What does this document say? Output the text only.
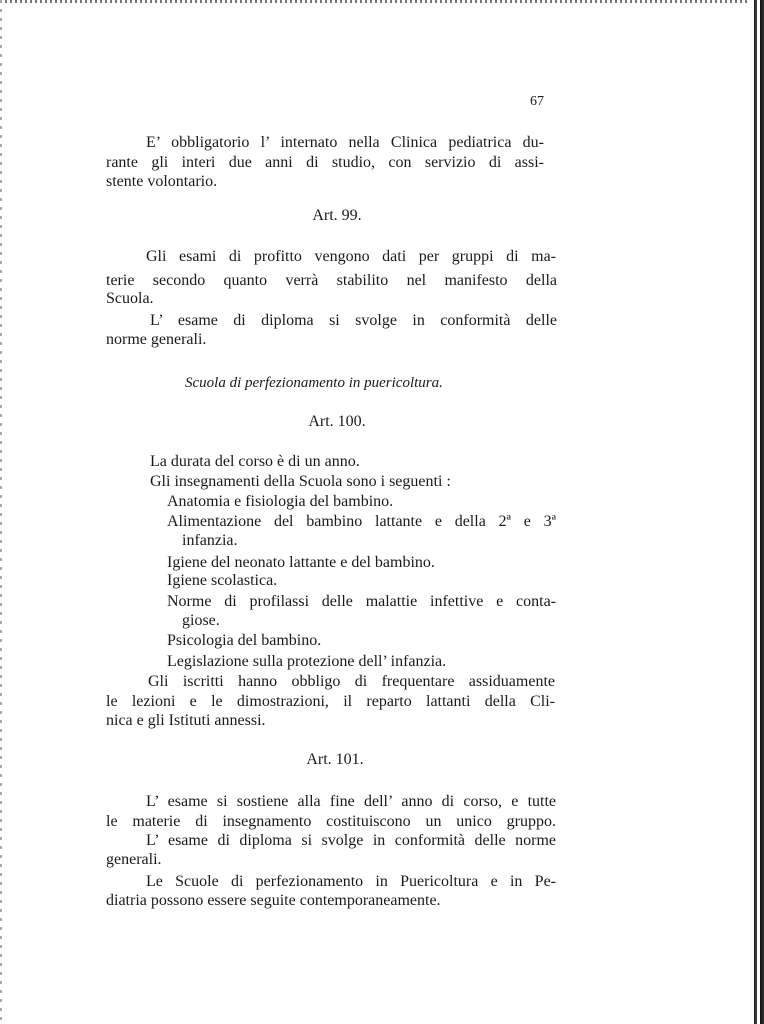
67
E’ obbligatorio l’ internato nella Clinica pediatrica du-
rante gli interi due anni di studio, con servizio di assi-
stente volontario.
Art. 99.
Gli esami di profitto vengono dati per gruppi di ma-
terie secondo quanto verrà stabilito nel manifesto della
Scuola.
L’ esame di diploma si svolge in conformità delle
norme generali.
Scuola di perfezionamento in puericoltura.
Art. 100.
La durata del corso è di un anno.
Gli insegnamenti della Scuola sono i seguenti :
Anatomia e fisiologia del bambino.
Alimentazione del bambino lattante e della 2ª e 3ª
infanzia.
Igiene del neonato lattante e del bambino.
Igiene scolastica.
Norme di profilassi delle malattie infettive e conta-
giose.
Psicologia del bambino.
Legislazione sulla protezione dell’ infanzia.
Gli iscritti hanno obbligo di frequentare assiduamente
le lezioni e le dimostrazioni, il reparto lattanti della Cli-
nica e gli Istituti annessi.
Art. 101.
L’ esame si sostiene alla fine dell’ anno di corso, e tutte
le materie di insegnamento costituiscono un unico gruppo.
L’ esame di diploma si svolge in conformità delle norme
generali.
Le Scuole di perfezionamento in Puericoltura e in Pe-
diatria possono essere seguite contemporaneamente.
